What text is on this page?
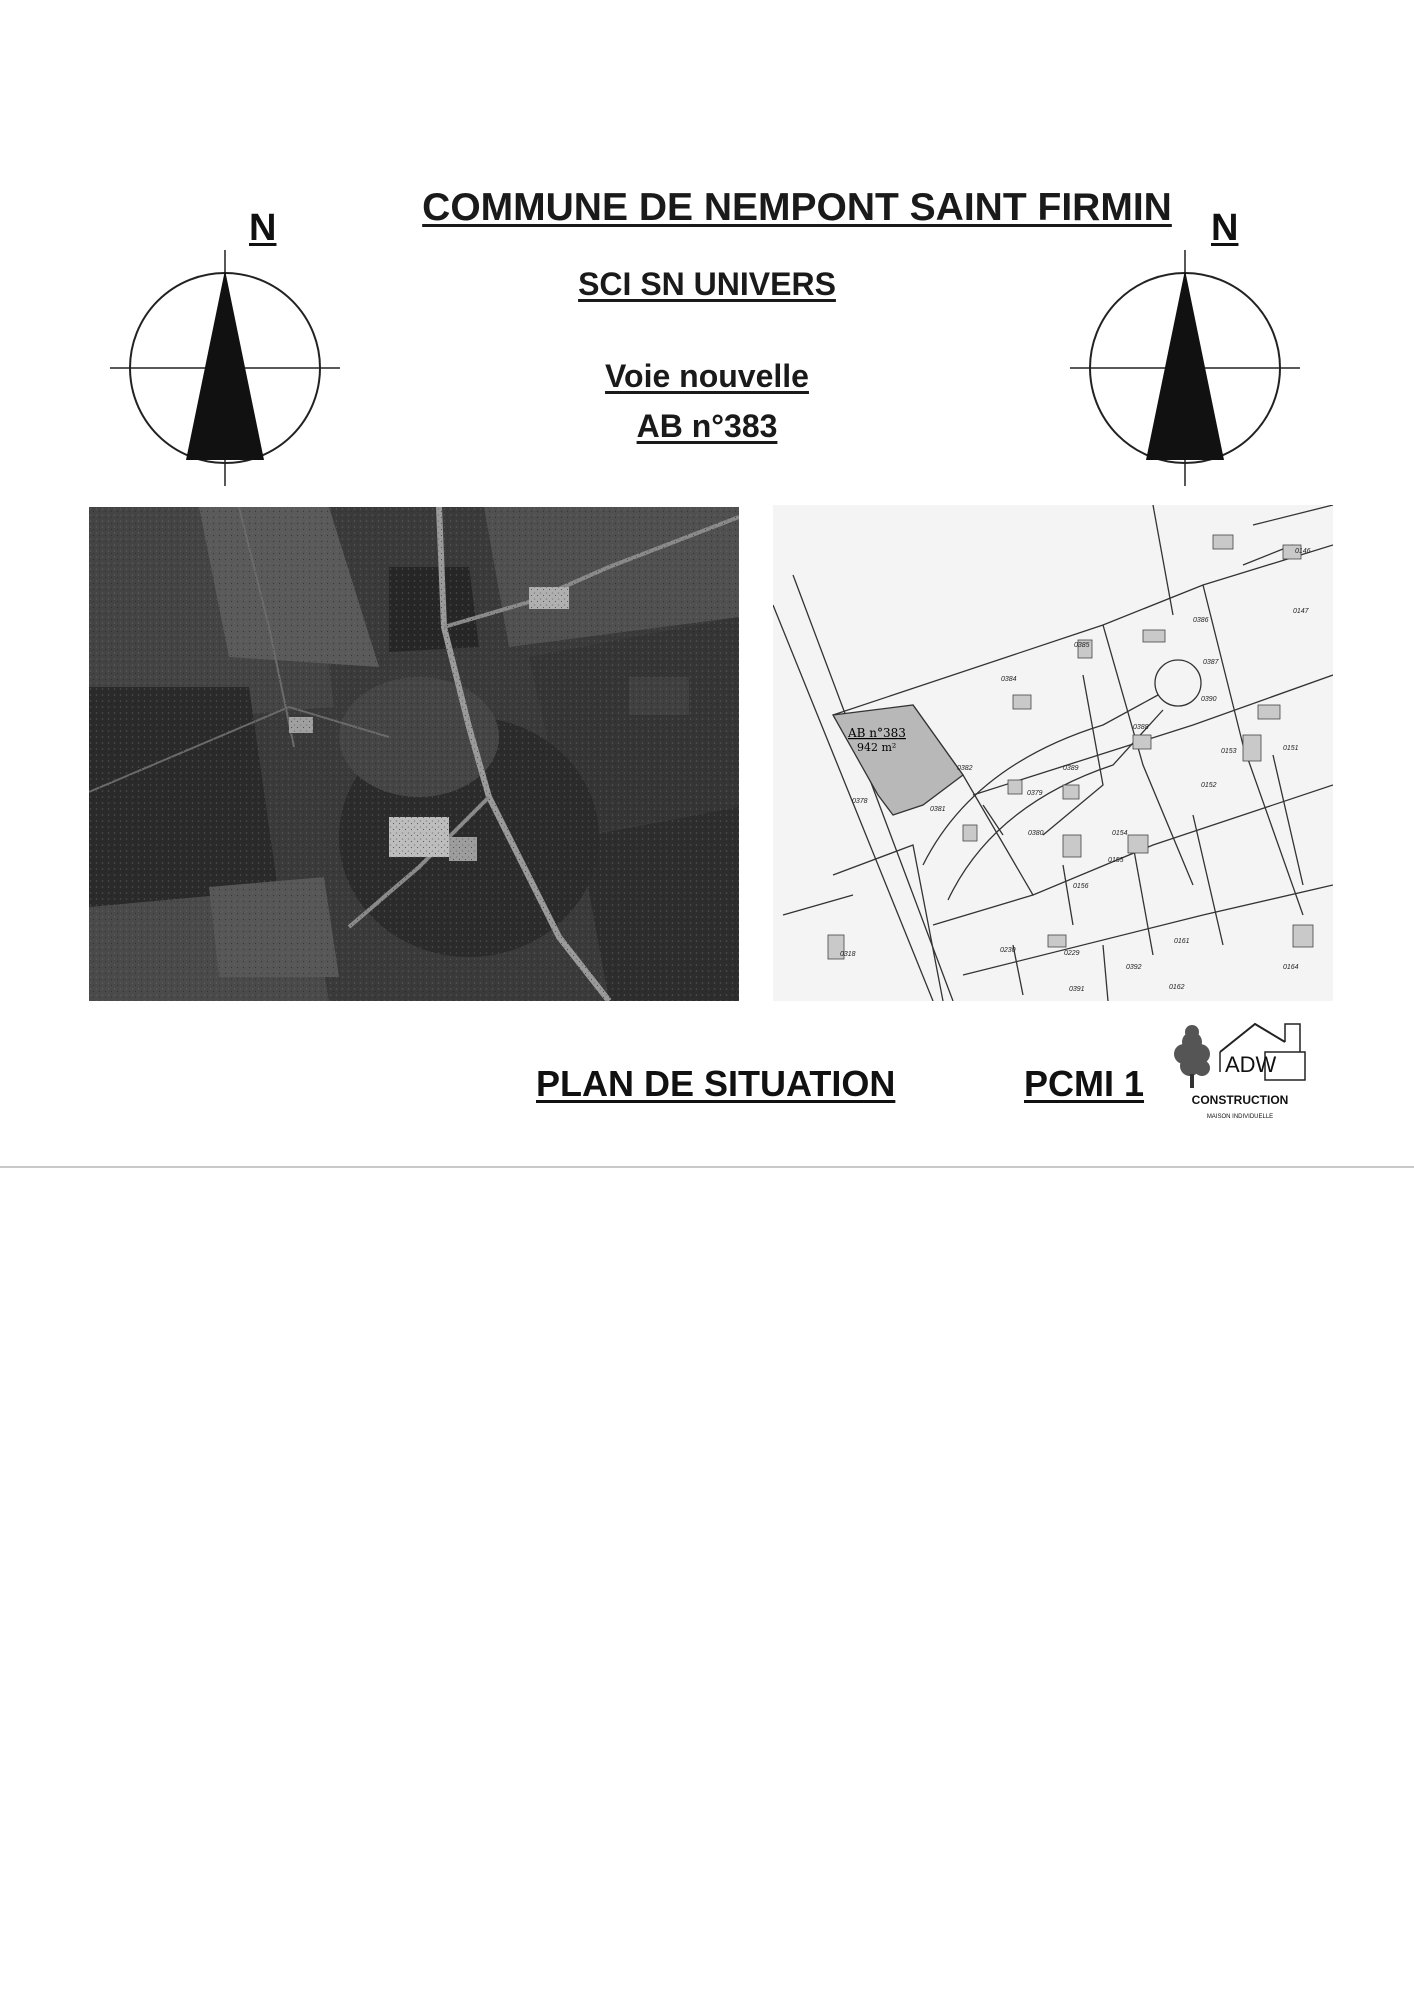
COMMUNE DE NEMPONT SAINT FIRMIN
SCI SN UNIVERS
Voie nouvelle
AB n°383
N	N
AB n°383
942 m²
0146
0147
0386
0385
0387
0384
0390
0388
0382	0389
0379
0151
0153
0152
0378
0381
0380	0154
0155
0156
0318
0230	0229
0161
0392	0164
0391	0162
PLAN DE SITUATION	PCMI 1	ADW
CONSTRUCTION
MAISON INDIVIDUELLE
